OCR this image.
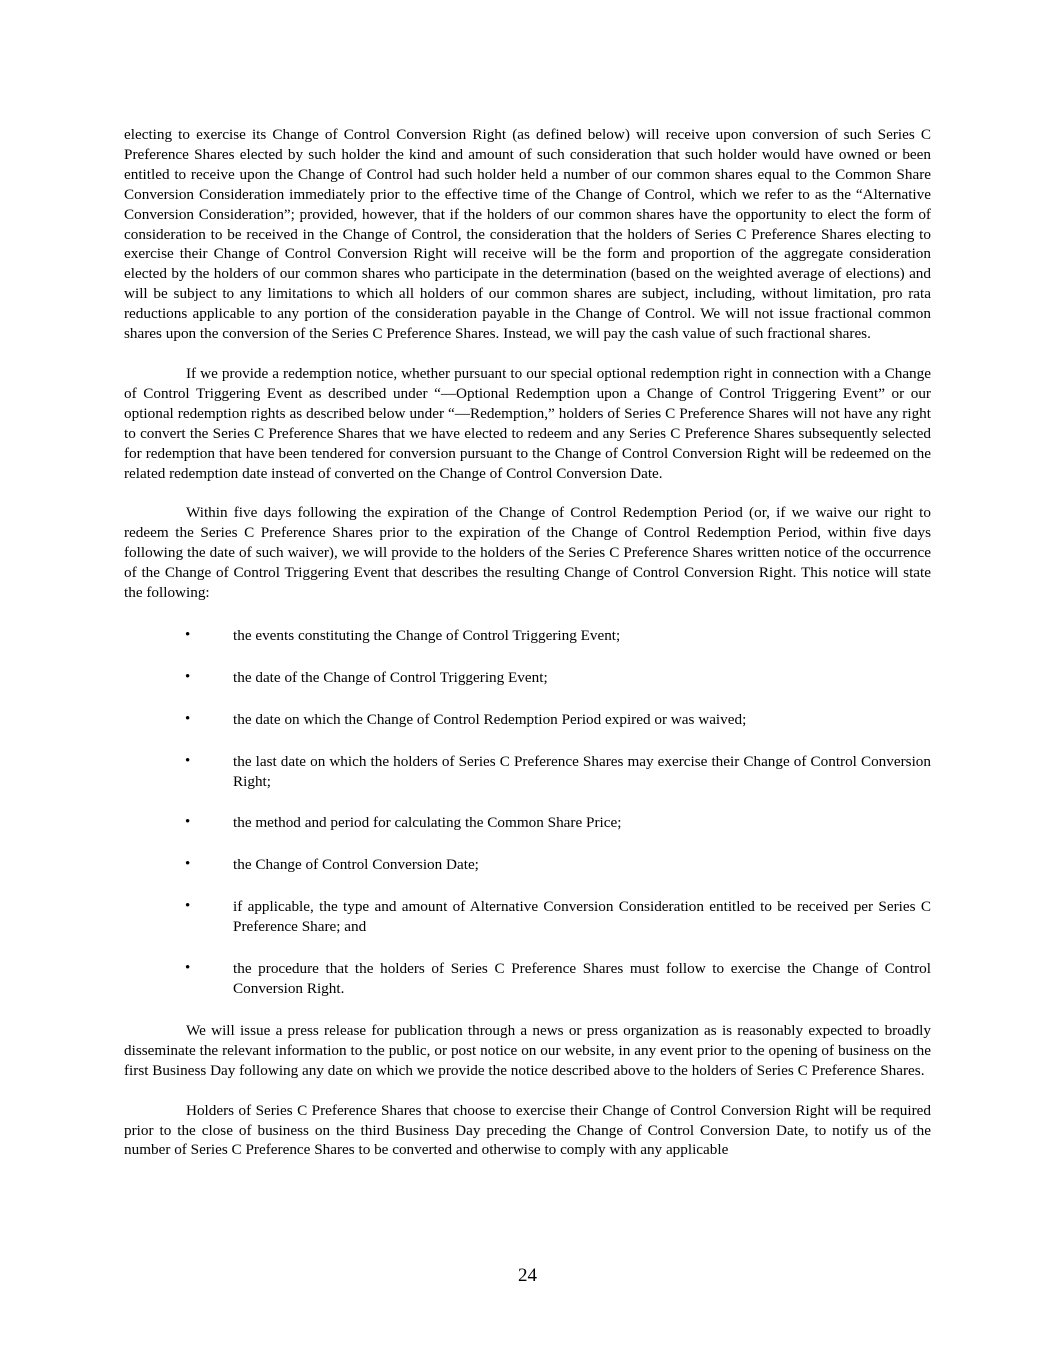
electing to exercise its Change of Control Conversion Right (as defined below) will receive upon conversion of such Series C Preference Shares elected by such holder the kind and amount of such consideration that such holder would have owned or been entitled to receive upon the Change of Control had such holder held a number of our common shares equal to the Common Share Conversion Consideration immediately prior to the effective time of the Change of Control, which we refer to as the “Alternative Conversion Consideration”; provided, however, that if the holders of our common shares have the opportunity to elect the form of consideration to be received in the Change of Control, the consideration that the holders of Series C Preference Shares electing to exercise their Change of Control Conversion Right will receive will be the form and proportion of the aggregate consideration elected by the holders of our common shares who participate in the determination (based on the weighted average of elections) and will be subject to any limitations to which all holders of our common shares are subject, including, without limitation, pro rata reductions applicable to any portion of the consideration payable in the Change of Control. We will not issue fractional common shares upon the conversion of the Series C Preference Shares. Instead, we will pay the cash value of such fractional shares.

If we provide a redemption notice, whether pursuant to our special optional redemption right in connection with a Change of Control Triggering Event as described under “—Optional Redemption upon a Change of Control Triggering Event” or our optional redemption rights as described below under “—Redemption,” holders of Series C Preference Shares will not have any right to convert the Series C Preference Shares that we have elected to redeem and any Series C Preference Shares subsequently selected for redemption that have been tendered for conversion pursuant to the Change of Control Conversion Right will be redeemed on the related redemption date instead of converted on the Change of Control Conversion Date.

Within five days following the expiration of the Change of Control Redemption Period (or, if we waive our right to redeem the Series C Preference Shares prior to the expiration of the Change of Control Redemption Period, within five days following the date of such waiver), we will provide to the holders of the Series C Preference Shares written notice of the occurrence of the Change of Control Triggering Event that describes the resulting Change of Control Conversion Right. This notice will state the following:

•	the events constituting the Change of Control Triggering Event;
•	the date of the Change of Control Triggering Event;
•	the date on which the Change of Control Redemption Period expired or was waived;
•	the last date on which the holders of Series C Preference Shares may exercise their Change of Control Conversion Right;
•	the method and period for calculating the Common Share Price;
•	the Change of Control Conversion Date;
•	if applicable, the type and amount of Alternative Conversion Consideration entitled to be received per Series C Preference Share; and
•	the procedure that the holders of Series C Preference Shares must follow to exercise the Change of Control Conversion Right.

We will issue a press release for publication through a news or press organization as is reasonably expected to broadly disseminate the relevant information to the public, or post notice on our website, in any event prior to the opening of business on the first Business Day following any date on which we provide the notice described above to the holders of Series C Preference Shares.

Holders of Series C Preference Shares that choose to exercise their Change of Control Conversion Right will be required prior to the close of business on the third Business Day preceding the Change of Control Conversion Date, to notify us of the number of Series C Preference Shares to be converted and otherwise to comply with any applicable

24
